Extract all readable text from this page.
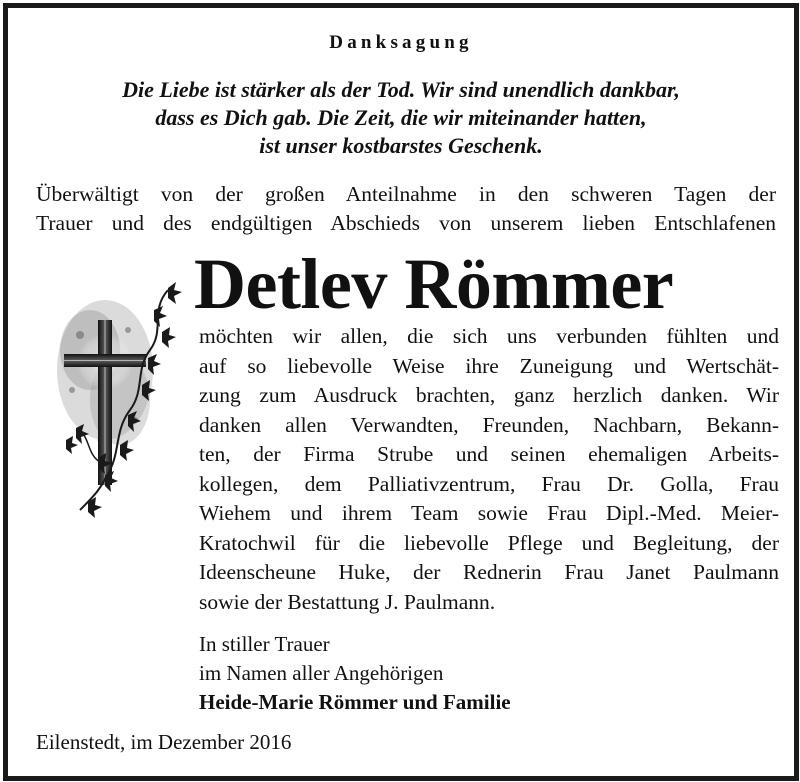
Danksagung
Die Liebe ist stärker als der Tod. Wir sind unendlich dankbar,
dass es Dich gab. Die Zeit, die wir miteinander hatten,
ist unser kostbarstes Geschenk.
Überwältigt von der großen Anteilnahme in den schweren Tagen der
Trauer und des endgültigen Abschieds von unserem lieben Entschlafenen
Detlev Römmer
möchten wir allen, die sich uns verbunden fühlten und
auf so liebevolle Weise ihre Zuneigung und Wertschät-
zung zum Ausdruck brachten, ganz herzlich danken. Wir
danken allen Verwandten, Freunden, Nachbarn, Bekann-
ten, der Firma Strube und seinen ehemaligen Arbeits-
kollegen, dem Palliativzentrum, Frau Dr. Golla, Frau
Wiehem und ihrem Team sowie Frau Dipl.-Med. Meier-
Kratochwil für die liebevolle Pflege und Begleitung, der
Ideenscheune Huke, der Rednerin Frau Janet Paulmann
sowie der Bestattung J. Paulmann.
In stiller Trauer
im Namen aller Angehörigen
Heide-Marie Römmer und Familie
Eilenstedt, im Dezember 2016
